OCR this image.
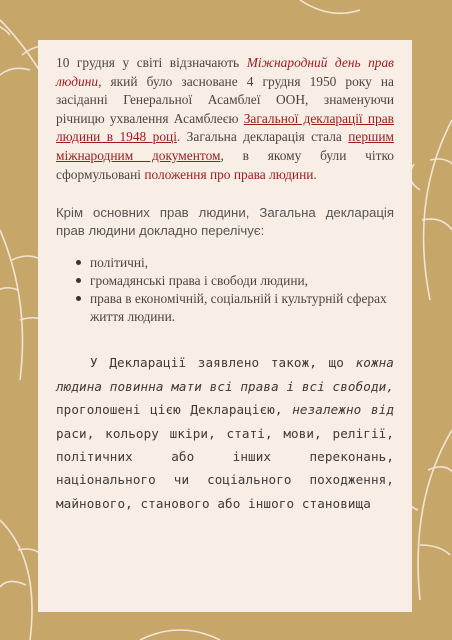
10 грудня у світі відзначають Міжнародний день прав людини, який було засноване 4 грудня 1950 року на засіданні Генеральної Асамблеї ООН, знаменуючи річницю ухвалення Асамблеєю Загальної декларації прав людини в 1948 році. Загальна декларація стала першим міжнародним документом, в якому були чітко сформульовані положення про права людини.

Крім основних прав людини, Загальна декларація прав людини докладно перелічує:

політичні,
громадянські права і свободи людини,
права в економічній, соціальній і культурній сферах життя людини.

У Декларації заявлено також, що кожна людина повинна мати всі права і всі свободи, проголошені цією Декларацією, незалежно від раси, кольору шкіри, статі, мови, релігії, політичних або інших переконань, національного чи соціального походження, майнового, станового або іншого становища
